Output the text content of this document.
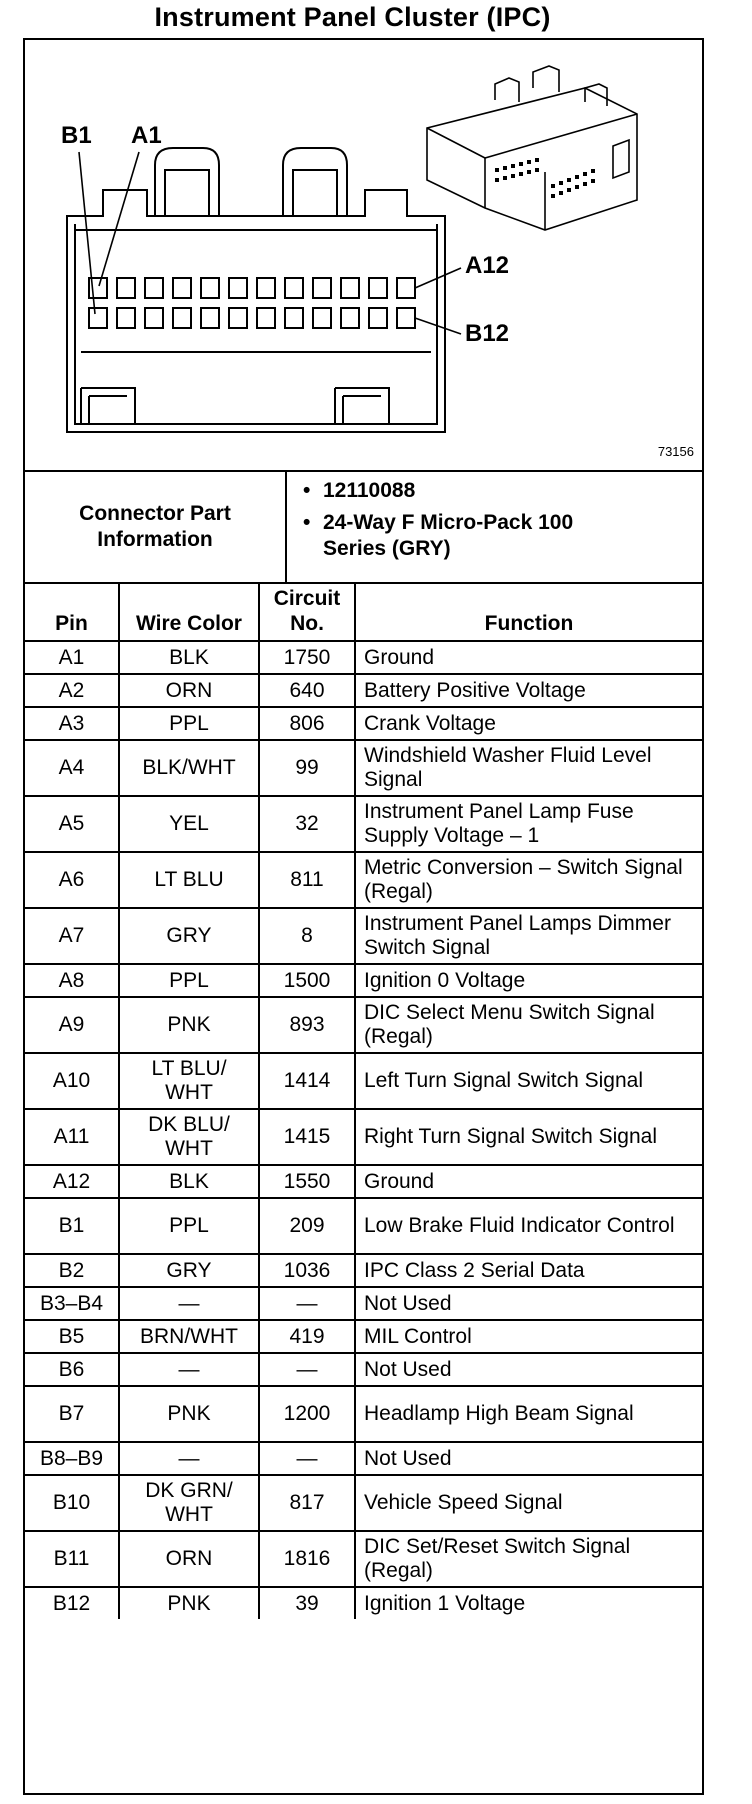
Instrument Panel Cluster (IPC)
B1 A1
A12
B12
73156
Connector Part Information
• 12110088
• 24-Way F Micro-Pack 100 Series (GRY)
Pin	Wire Color	Circuit No.	Function
A1	BLK	1750	Ground
A2	ORN	640	Battery Positive Voltage
A3	PPL	806	Crank Voltage
A4	BLK/WHT	99	Windshield Washer Fluid Level Signal
A5	YEL	32	Instrument Panel Lamp Fuse Supply Voltage – 1
A6	LT BLU	811	Metric Conversion – Switch Signal (Regal)
A7	GRY	8	Instrument Panel Lamps Dimmer Switch Signal
A8	PPL	1500	Ignition 0 Voltage
A9	PNK	893	DIC Select Menu Switch Signal (Regal)
A10	LT BLU/ WHT	1414	Left Turn Signal Switch Signal
A11	DK BLU/ WHT	1415	Right Turn Signal Switch Signal
A12	BLK	1550	Ground
B1	PPL	209	Low Brake Fluid Indicator Control
B2	GRY	1036	IPC Class 2 Serial Data
B3–B4	—	—	Not Used
B5	BRN/WHT	419	MIL Control
B6	—	—	Not Used
B7	PNK	1200	Headlamp High Beam Signal
B8–B9	—	—	Not Used
B10	DK GRN/ WHT	817	Vehicle Speed Signal
B11	ORN	1816	DIC Set/Reset Switch Signal (Regal)
B12	PNK	39	Ignition 1 Voltage
